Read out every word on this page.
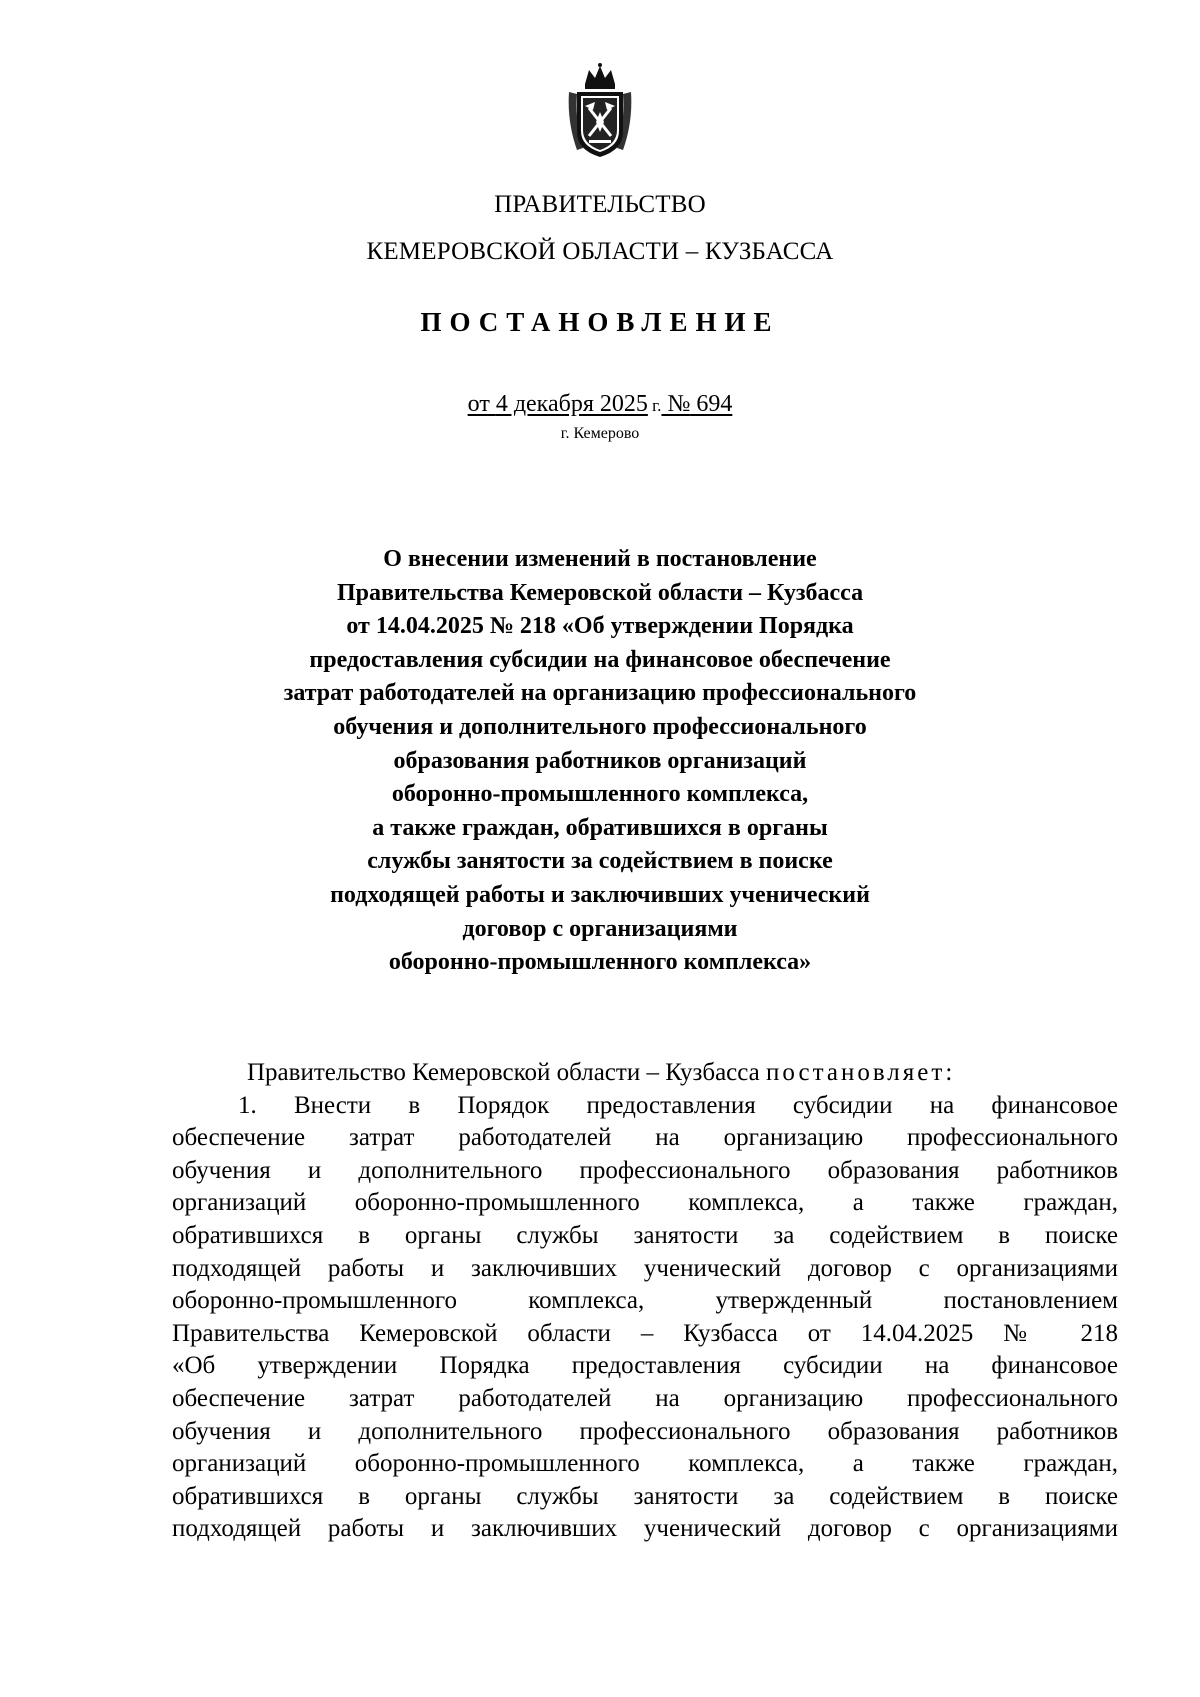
ПРАВИТЕЛЬСТВО
КЕМЕРОВСКОЙ ОБЛАСТИ – КУЗБАССА
ПОСТАНОВЛЕНИЕ
от 4 декабря 2025 г. № 694
г. Кемерово
О внесении изменений в постановление
Правительства Кемеровской области – Кузбасса
от 14.04.2025 № 218 «Об утверждении Порядка
предоставления субсидии на финансовое обеспечение
затрат работодателей на организацию профессионального
обучения и дополнительного профессионального
образования работников организаций
оборонно-промышленного комплекса,
а также граждан, обратившихся в органы
службы занятости за содействием в поиске
подходящей работы и заключивших ученический
договор с организациями
оборонно-промышленного комплекса»
Правительство Кемеровской области – Кузбасса постановляет:
1. Внести в Порядок предоставления субсидии на финансовое
обеспечение затрат работодателей на организацию профессионального
обучения и дополнительного профессионального образования работников
организаций оборонно-промышленного комплекса, а также граждан,
обратившихся в органы службы занятости за содействием в поиске
подходящей работы и заключивших ученический договор с организациями
оборонно-промышленного комплекса, утвержденный постановлением
Правительства Кемеровской области – Кузбасса от 14.04.2025 № 218
«Об утверждении Порядка предоставления субсидии на финансовое
обеспечение затрат работодателей на организацию профессионального
обучения и дополнительного профессионального образования работников
организаций оборонно-промышленного комплекса, а также граждан,
обратившихся в органы службы занятости за содействием в поиске
подходящей работы и заключивших ученический договор с организациями
